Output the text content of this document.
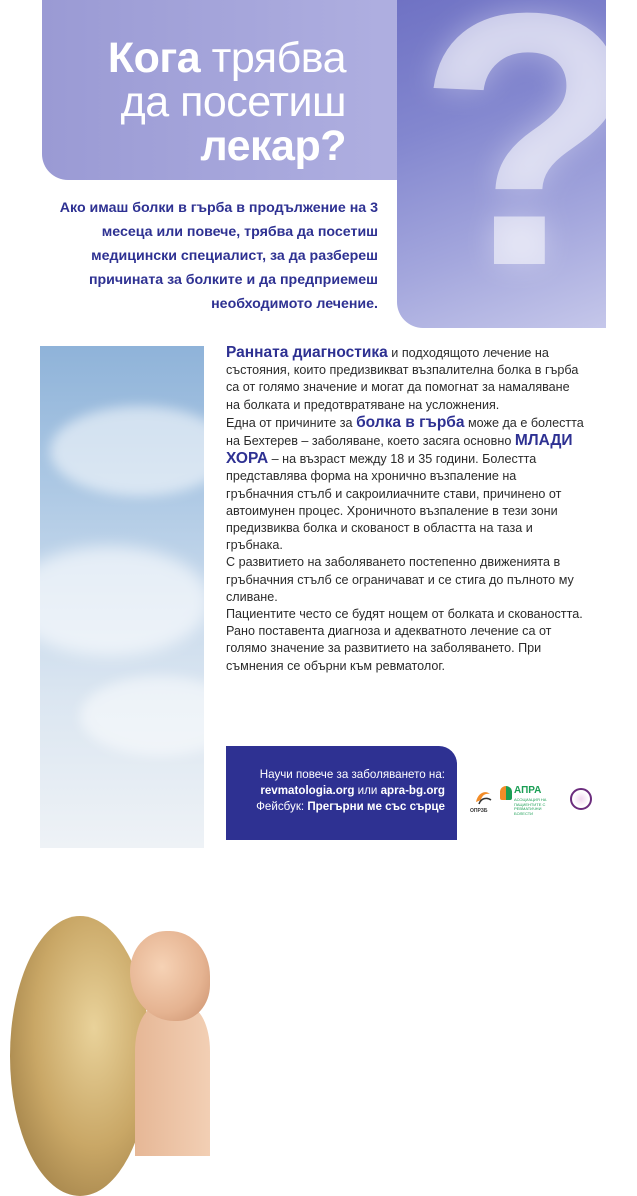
?
Кога трябва
да посетиш
лекар?

Ако имаш болки в гърба в продължение на 3 месеца или повече, трябва да посетиш медицински специалист, за да разбереш причината за болките и да предприемеш необходимото лечение.

Ранната диагностика и подходящото лечение на състояния, които предизвикват възпалителна болка в гърба са от голямо значение и могат да помогнат за намаляване на болката и предотвратяване на усложнения.

Една от причините за болка в гърба може да е болестта на Бехтерев – заболяване, което засяга основно МЛАДИ ХОРА – на възраст между 18 и 35 години. Болестта представлява форма на хронично възпаление на гръбначния стълб и сакроилиачните стави, причинено от автоимунен процес. Хроничното възпаление в тези зони предизвиква болка и скованост в областта на таза и гръбнака.

С развитието на заболяването постепенно движенията в гръбначния стълб се ограничават и се стига до пълното му сливане.

Пациентите често се будят нощем от болката и сковаността. Рано поставента диагноза и адекватното лечение са от голямо значение за развитието на заболяването. При съмнения се обърни към ревматолог.

Научи повече за заболяването на:
revmatologia.org или apra-bg.org
Фейсбук: Прегърни ме със сърце	ОПРЗБ
АПРА
АСОЦИАЦИЯ НА ПАЦИЕНТИТЕ С РЕВМАТИЧНИ БОЛЕСТИ
